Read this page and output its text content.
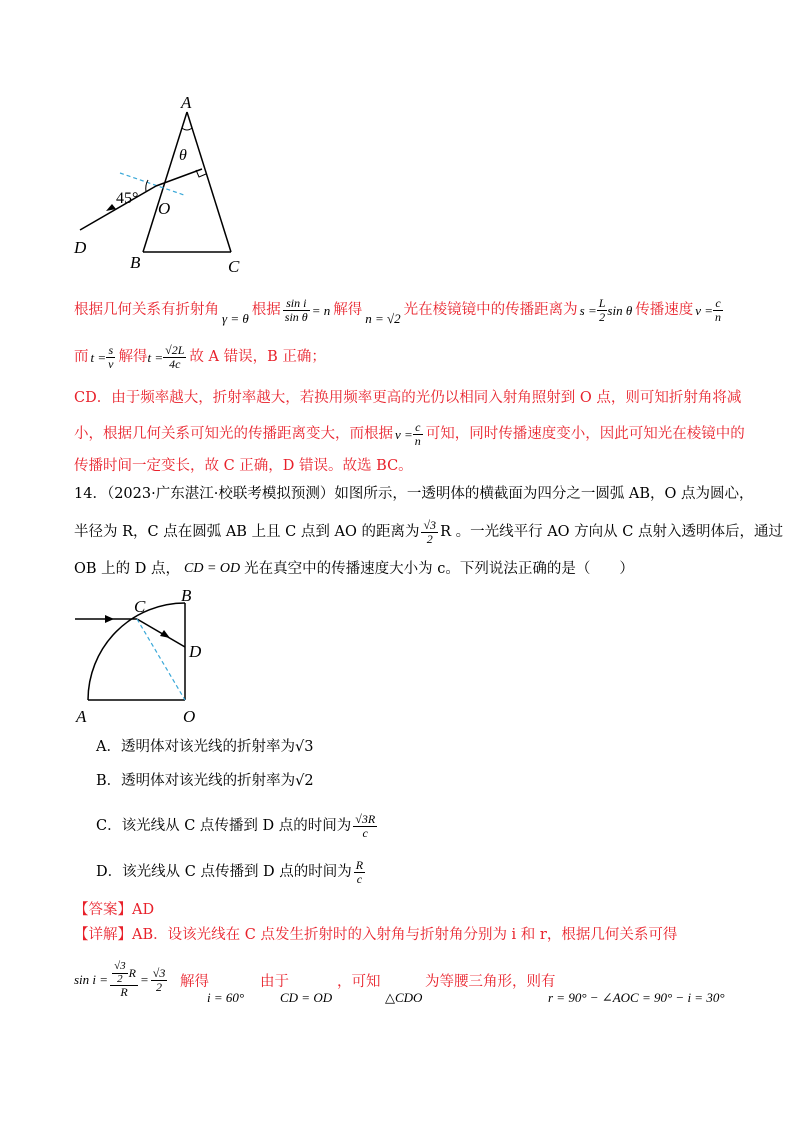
A
θ
45°
O
D
B	C
根据几何关系有折射角
γ = θ
根据 $\frac{\text{sin i}}{\text{sin θ}} = n$ 解得
n = √2
光在棱镜镜中的传播距离为 $s = \frac{L}{2}$ sin θ 传播速度 $v = \frac{c}{n}$
而 $t = \frac{s}{v}$ 解得 $t = \frac{√2L}{4c}$ 故 A 错误，B 正确；
CD．由于频率越大，折射率越大，若换用频率更高的光仍以相同入射角照射到 O 点，则可知折射角将减
小，根据几何关系可知光的传播距离变大，而根据 $v = \frac{c}{n}$ 可知，同时传播速度变小，因此可知光在棱镜中的
传播时间一定变长，故 C 正确，D 错误。故选 BC。
14．（2023·广东湛江·校联考模拟预测）如图所示，一透明体的横截面为四分之一圆弧 AB，O 点为圆心，
半径为 R，C 点在圆弧 AB 上且 C 点到 AO 的距离为 $\frac{√3}{2}$ R 。一光线平行 AO 方向从 C 点射入透明体后，通过
OB 上的 D 点， CD = OD 光在真空中的传播速度大小为 c。下列说法正确的是（　　）
C
B
D
A	O
A．透明体对该光线的折射率为√3
B．透明体对该光线的折射率为√2
C．该光线从 C 点传播到 D 点的时间为 $\frac{√3R}{c}$
D．该光线从 C 点传播到 D 点的时间为 $\frac{R}{c}$
【答案】AD
【详解】AB．设该光线在 C 点发生折射时的入射角与折射角分别为 i 和 r，根据几何关系可得
$\sin i = \frac{\frac{√3}{2} R}{R} = \frac{√3}{2}$ 解得
i = 60°
由于
CD = OD
，可知
△CDO
为等腰三角形，则有
r = 90° − ∠AOC = 90° − i = 30°
